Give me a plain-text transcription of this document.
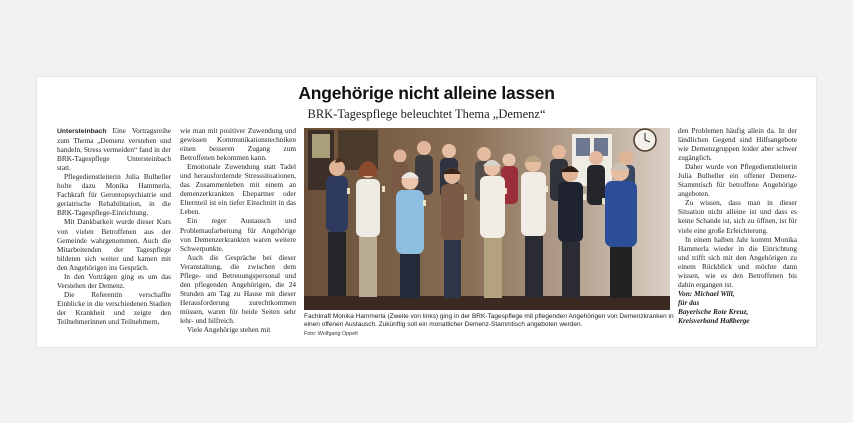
Angehörige nicht alleine lassen
BRK-Tagespflege beleuchtet Thema „Demenz“

Untersteinbach Eine Vortragsreihe zum Thema „Demenz verstehen und handeln, Stress vermeiden“ fand in der BRK-Tagespflege Untersteinbach statt.

Pflegedienstleiterin Julia Bulheller holte dazu Monika Hammerla, Fachkraft für Gerontopsychiatrie und geriatrische Rehabilitation, in die BRK-Tagespflege-Einrichtung.

Mit Dankbarkeit wurde dieser Kurs von vielen Betroffenen aus der Gemeinde wahrgenommen. Auch die Mitarbeitenden der Tagespflege bildeten sich weiter und kamen mit den Angehörigen ins Gespräch.

In den Vorträgen ging es um das Verstehen der Demenz.

Die Referentin verschaffte Einblicke in die verschiedenen Stadien der Krankheit und zeigte den Teilnehmerinnen und Teilnehmern,

wie man mit positiver Zuwendung und gewissen Kommunikationstechniken einen besseren Zugang zum Betroffenen bekommen kann.

Emotionale Zuwendung statt Tadel und herausfordernde Stresssituationen, das Zusammenleben mit einem an demenzerkrankten Ehepartner oder Elternteil ist ein tiefer Einschnitt in das Leben.

Ein reger Austausch und Problemaufarbeitung für Angehörige von Demenzerkrankten waren weitere Schwerpunkte.

Auch die Gespräche bei dieser Veranstaltung, die zwischen dem Pflege- und Betreuungspersonal und den pflegenden Angehörigen, die 24 Stunden am Tag zu Hause mit dieser Herausforderung zurechtkommen müssen, waren für beide Seiten sehr lehr- und hilfreich.

Viele Angehörige stehen mit

Fachkraft Monika Hammerla (Zweite von links) ging in der BRK-Tagespflege mit pflegenden Angehörigen von Demenzkranken in einen offenen Austausch. Zukünftig soll ein monatlicher Demenz-Stammtisch angeboten werden.
Foto: Wolfgang Oppelt

den Problemen häufig allein da. In der ländlichen Gegend sind Hilfsangebote wie Demenzgruppen leider aber schwer zugänglich.

Daher wurde von Pflegedienstleiterin Julia Bulheller ein offener Demenz-Stammtisch für betroffene Angehörige angeboten.

Zu wissen, dass man in dieser Situation nicht alleine ist und dass es keine Schande ist, sich zu öffnen, ist für viele eine große Erleichterung.

In einem halben Jahr kommt Monika Hammerla wieder in die Einrichtung und trifft sich mit den Angehörigen zu einem Rückblick und möchte dann wissen, wie es den Betroffenen bis dahin ergangen ist.

Von: Michael Will,
für das
Bayerische Rote Kreuz,
Kreisverband Haßberge
